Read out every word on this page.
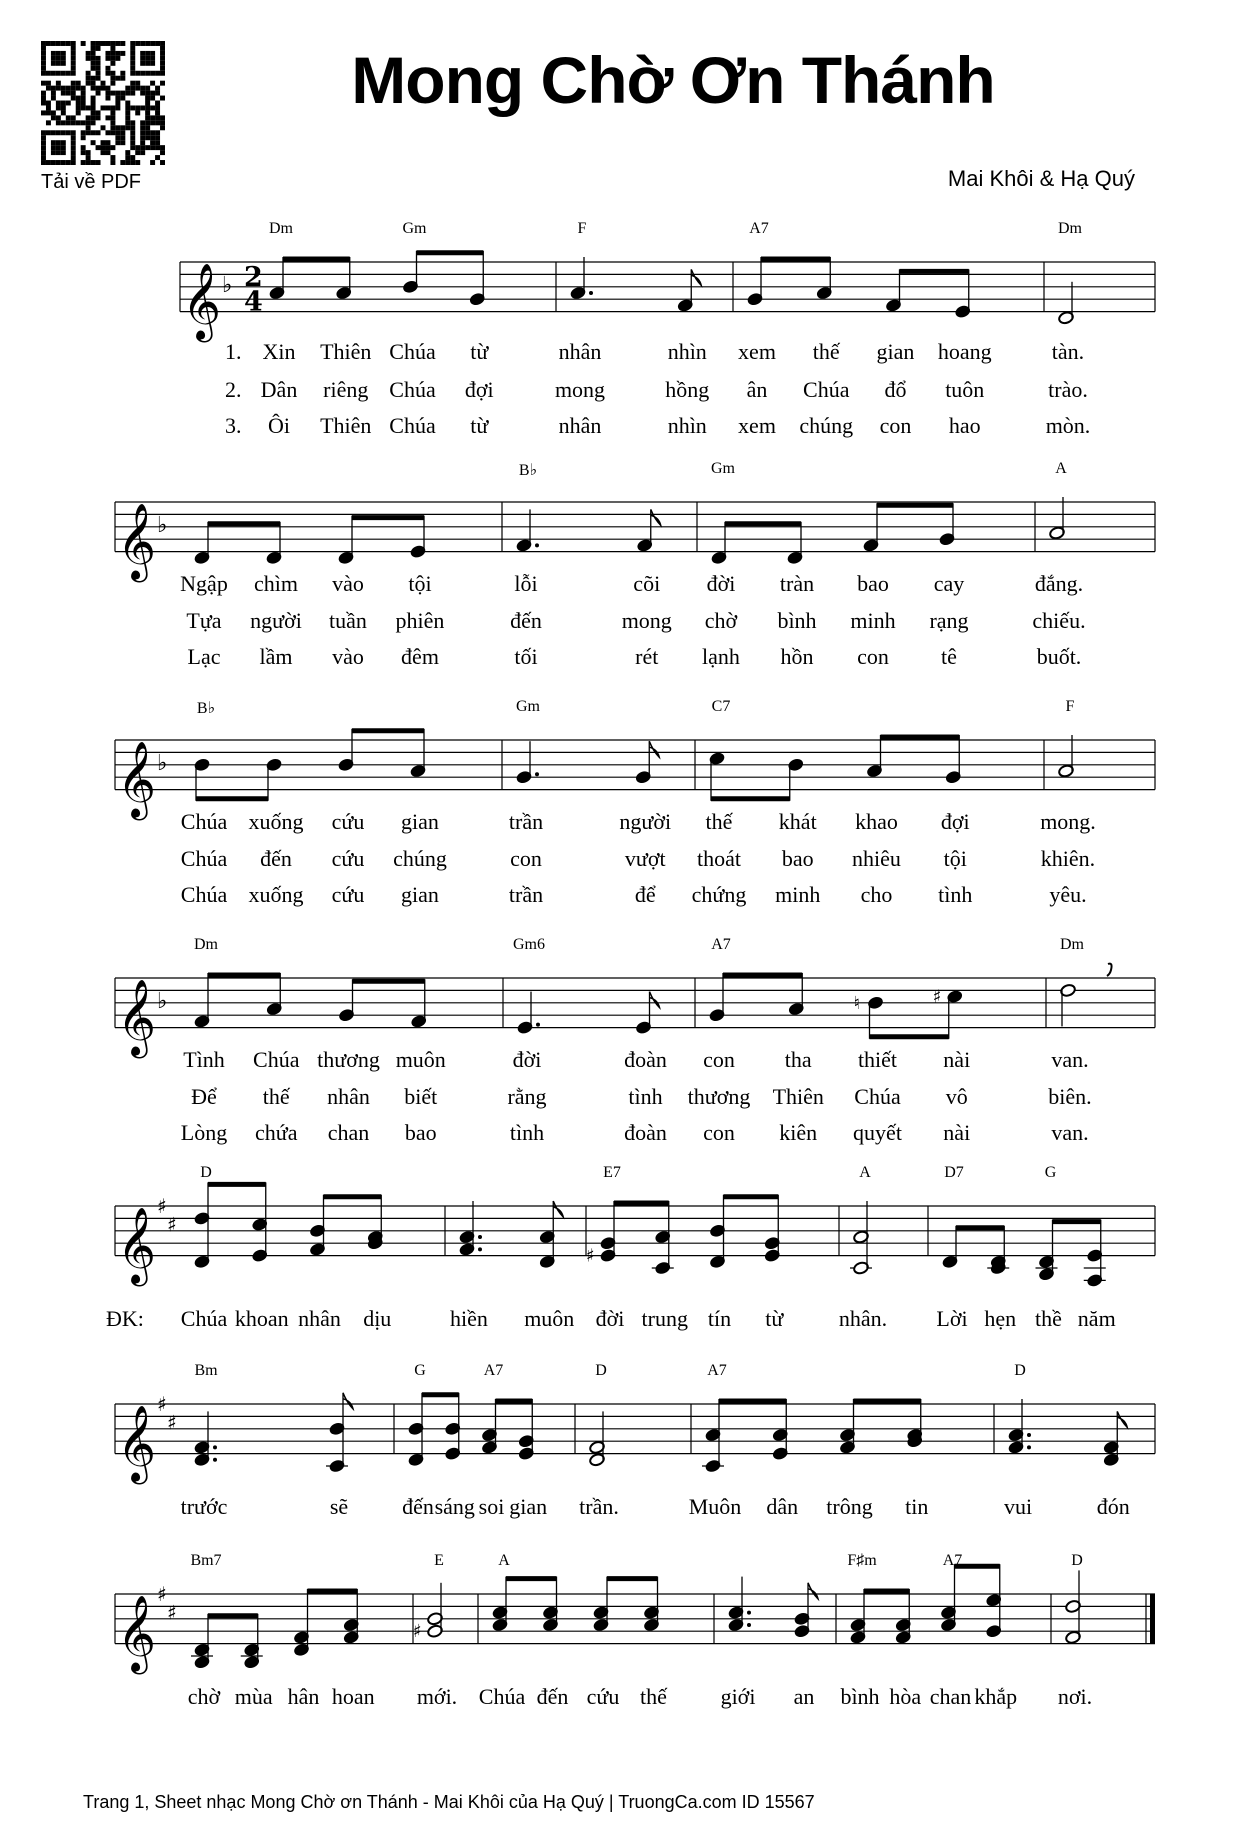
Tải về PDF
Mong Chờ Ơn Thánh
Mai Khôi & Hạ Quý
𝄞 ♭ 2
4
𝄞 ♭
𝄞 ♭
𝄞 ♭	♮	♯
𝄞
♯
♯
♯
𝄞
♯
♯
𝄞
♯
♯
♯
Dm	Gm	F	A7	Dm
Xin Thiên Chúa từ	nhân	nhìn xem thế gian hoang	tàn.
1.
Dân riêng Chúa đợi	mong	hồng ân Chúa đổ tuôn	trào.
2.
Ôi Thiên Chúa từ	nhân	nhìn xem chúng con hao	mòn.
3.
B♭	Gm	A
Ngập chìm vào tội	lỗi	cõi đời tràn bao cay	đắng.
Tựa người tuần phiên	đến	mong chờ bình minh rạng	chiếu.
Lạc lầm vào đêm	tối	rét lạnh hồn con tê	buốt.
B♭	Gm	C7	F
Chúa xuống cứu gian	trần	người thế khát khao đợi	mong.
Chúa đến cứu chúng	con	vượt thoát bao nhiêu tội	khiên.
Chúa xuống cứu gian	trần	để chứng minh cho tình	yêu.
Dm	Gm6	A7	Dm
Tình Chúa thương muôn	đời	đoàn con tha thiết nài	van.
Để thế nhân biết	rằng	tình thương Thiên Chúa vô	biên.
Lòng chứa chan bao	tình	đoàn con kiên quyết nài	van.
D	E7	A	D7	G
Chúa khoan nhân dịu	hiền muôn đời trung tín từ	nhân. Lời hẹn thề năm
ĐK:
Bm	G	A7	D	A7	D
trước	sẽ đến sáng soi gian trần.	Muôn dân trông tin	vui	đón
Bm7	E	A	F♯m	A7	D
chờ mùa hân hoan mới. Chúa đến cứu thế giới an bình hòa chan khắp nơi.
Trang 1, Sheet nhạc Mong Chờ ơn Thánh - Mai Khôi của Hạ Quý | TruongCa.com ID 15567
